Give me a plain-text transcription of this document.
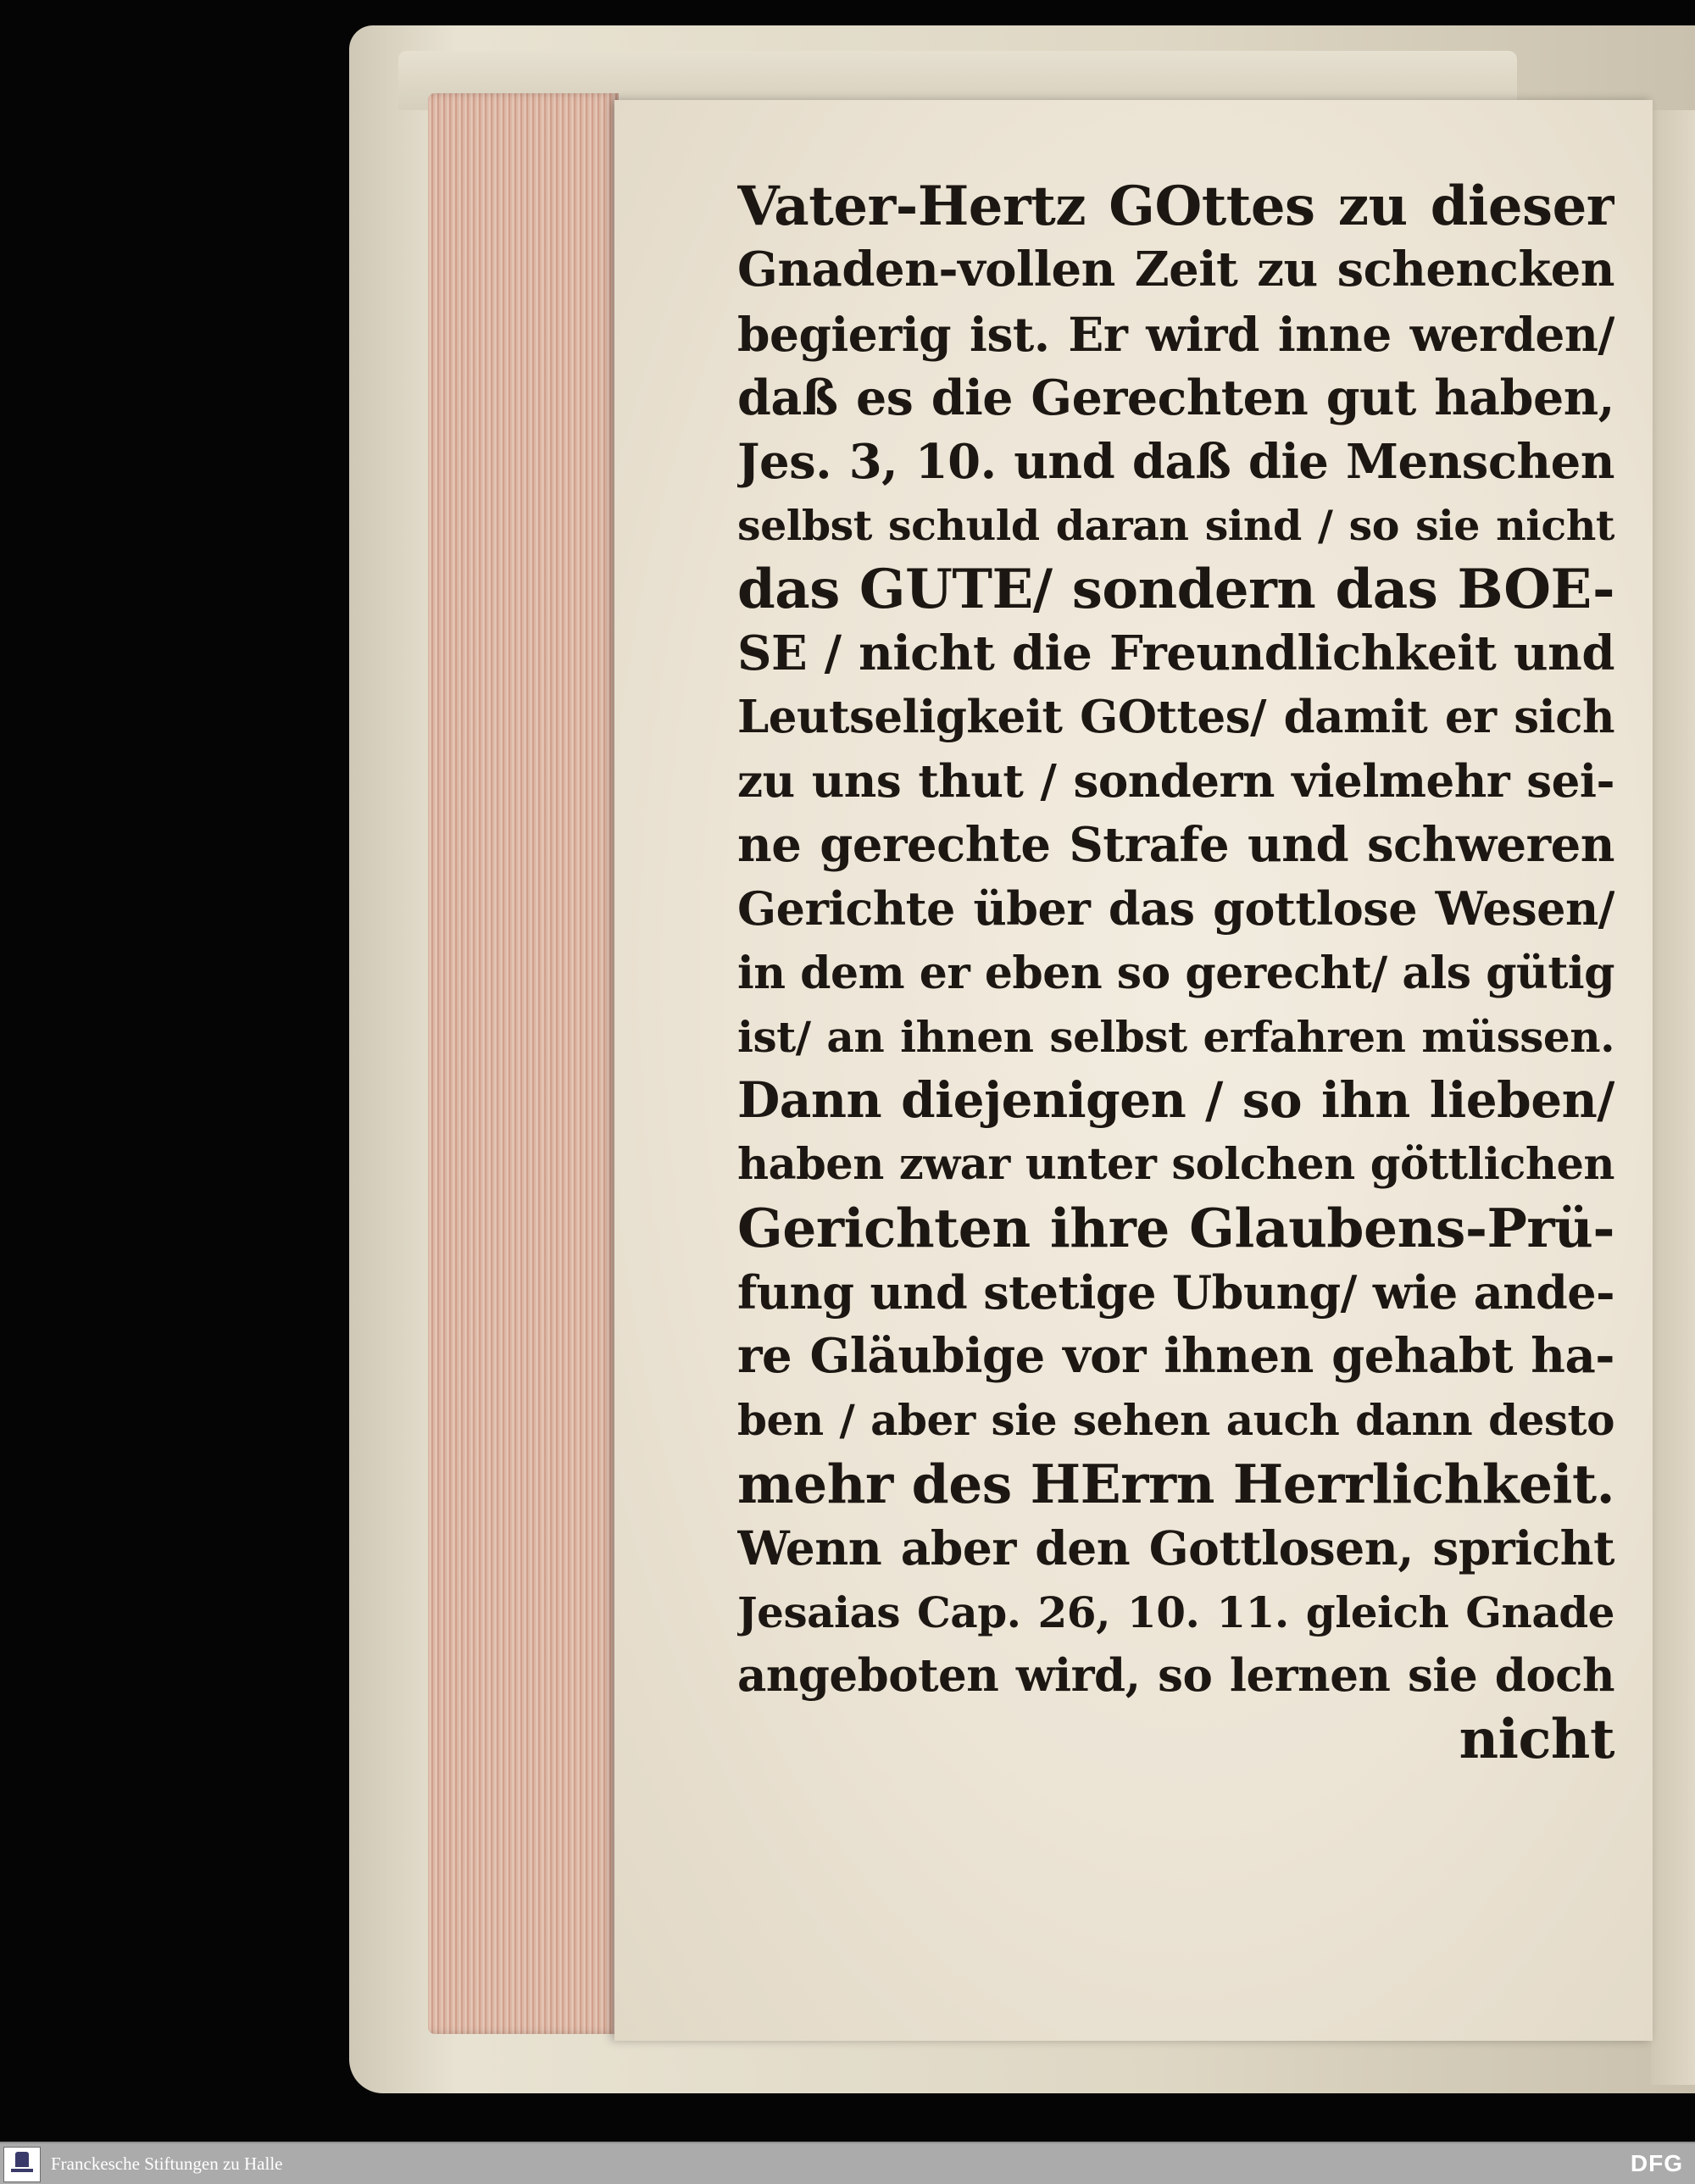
Vater-Hertz GOttes zu dieser
Gnaden-vollen Zeit zu schencken
begierig ist. Er wird inne werden/
daß es die Gerechten gut haben,
Jes. 3, 10. und daß die Menschen
selbst schuld daran sind / so sie nicht
das GUTE/ sondern das BOE-
SE / nicht die Freundlichkeit und
Leutseligkeit GOttes/ damit er sich
zu uns thut / sondern vielmehr sei-
ne gerechte Strafe und schweren
Gerichte über das gottlose Wesen/
in dem er eben so gerecht/ als gütig
ist/ an ihnen selbst erfahren müssen.
Dann diejenigen / so ihn lieben/
haben zwar unter solchen göttlichen
Gerichten ihre Glaubens-Prü-
fung und stetige Ubung/ wie ande-
re Gläubige vor ihnen gehabt ha-
ben / aber sie sehen auch dann desto
mehr des HErrn Herrlichkeit.
Wenn aber den Gottlosen, spricht
Jesaias Cap. 26, 10. 11. gleich Gnade
angeboten wird, so lernen sie doch
nicht
Franckesche Stiftungen zu Halle	DFG
